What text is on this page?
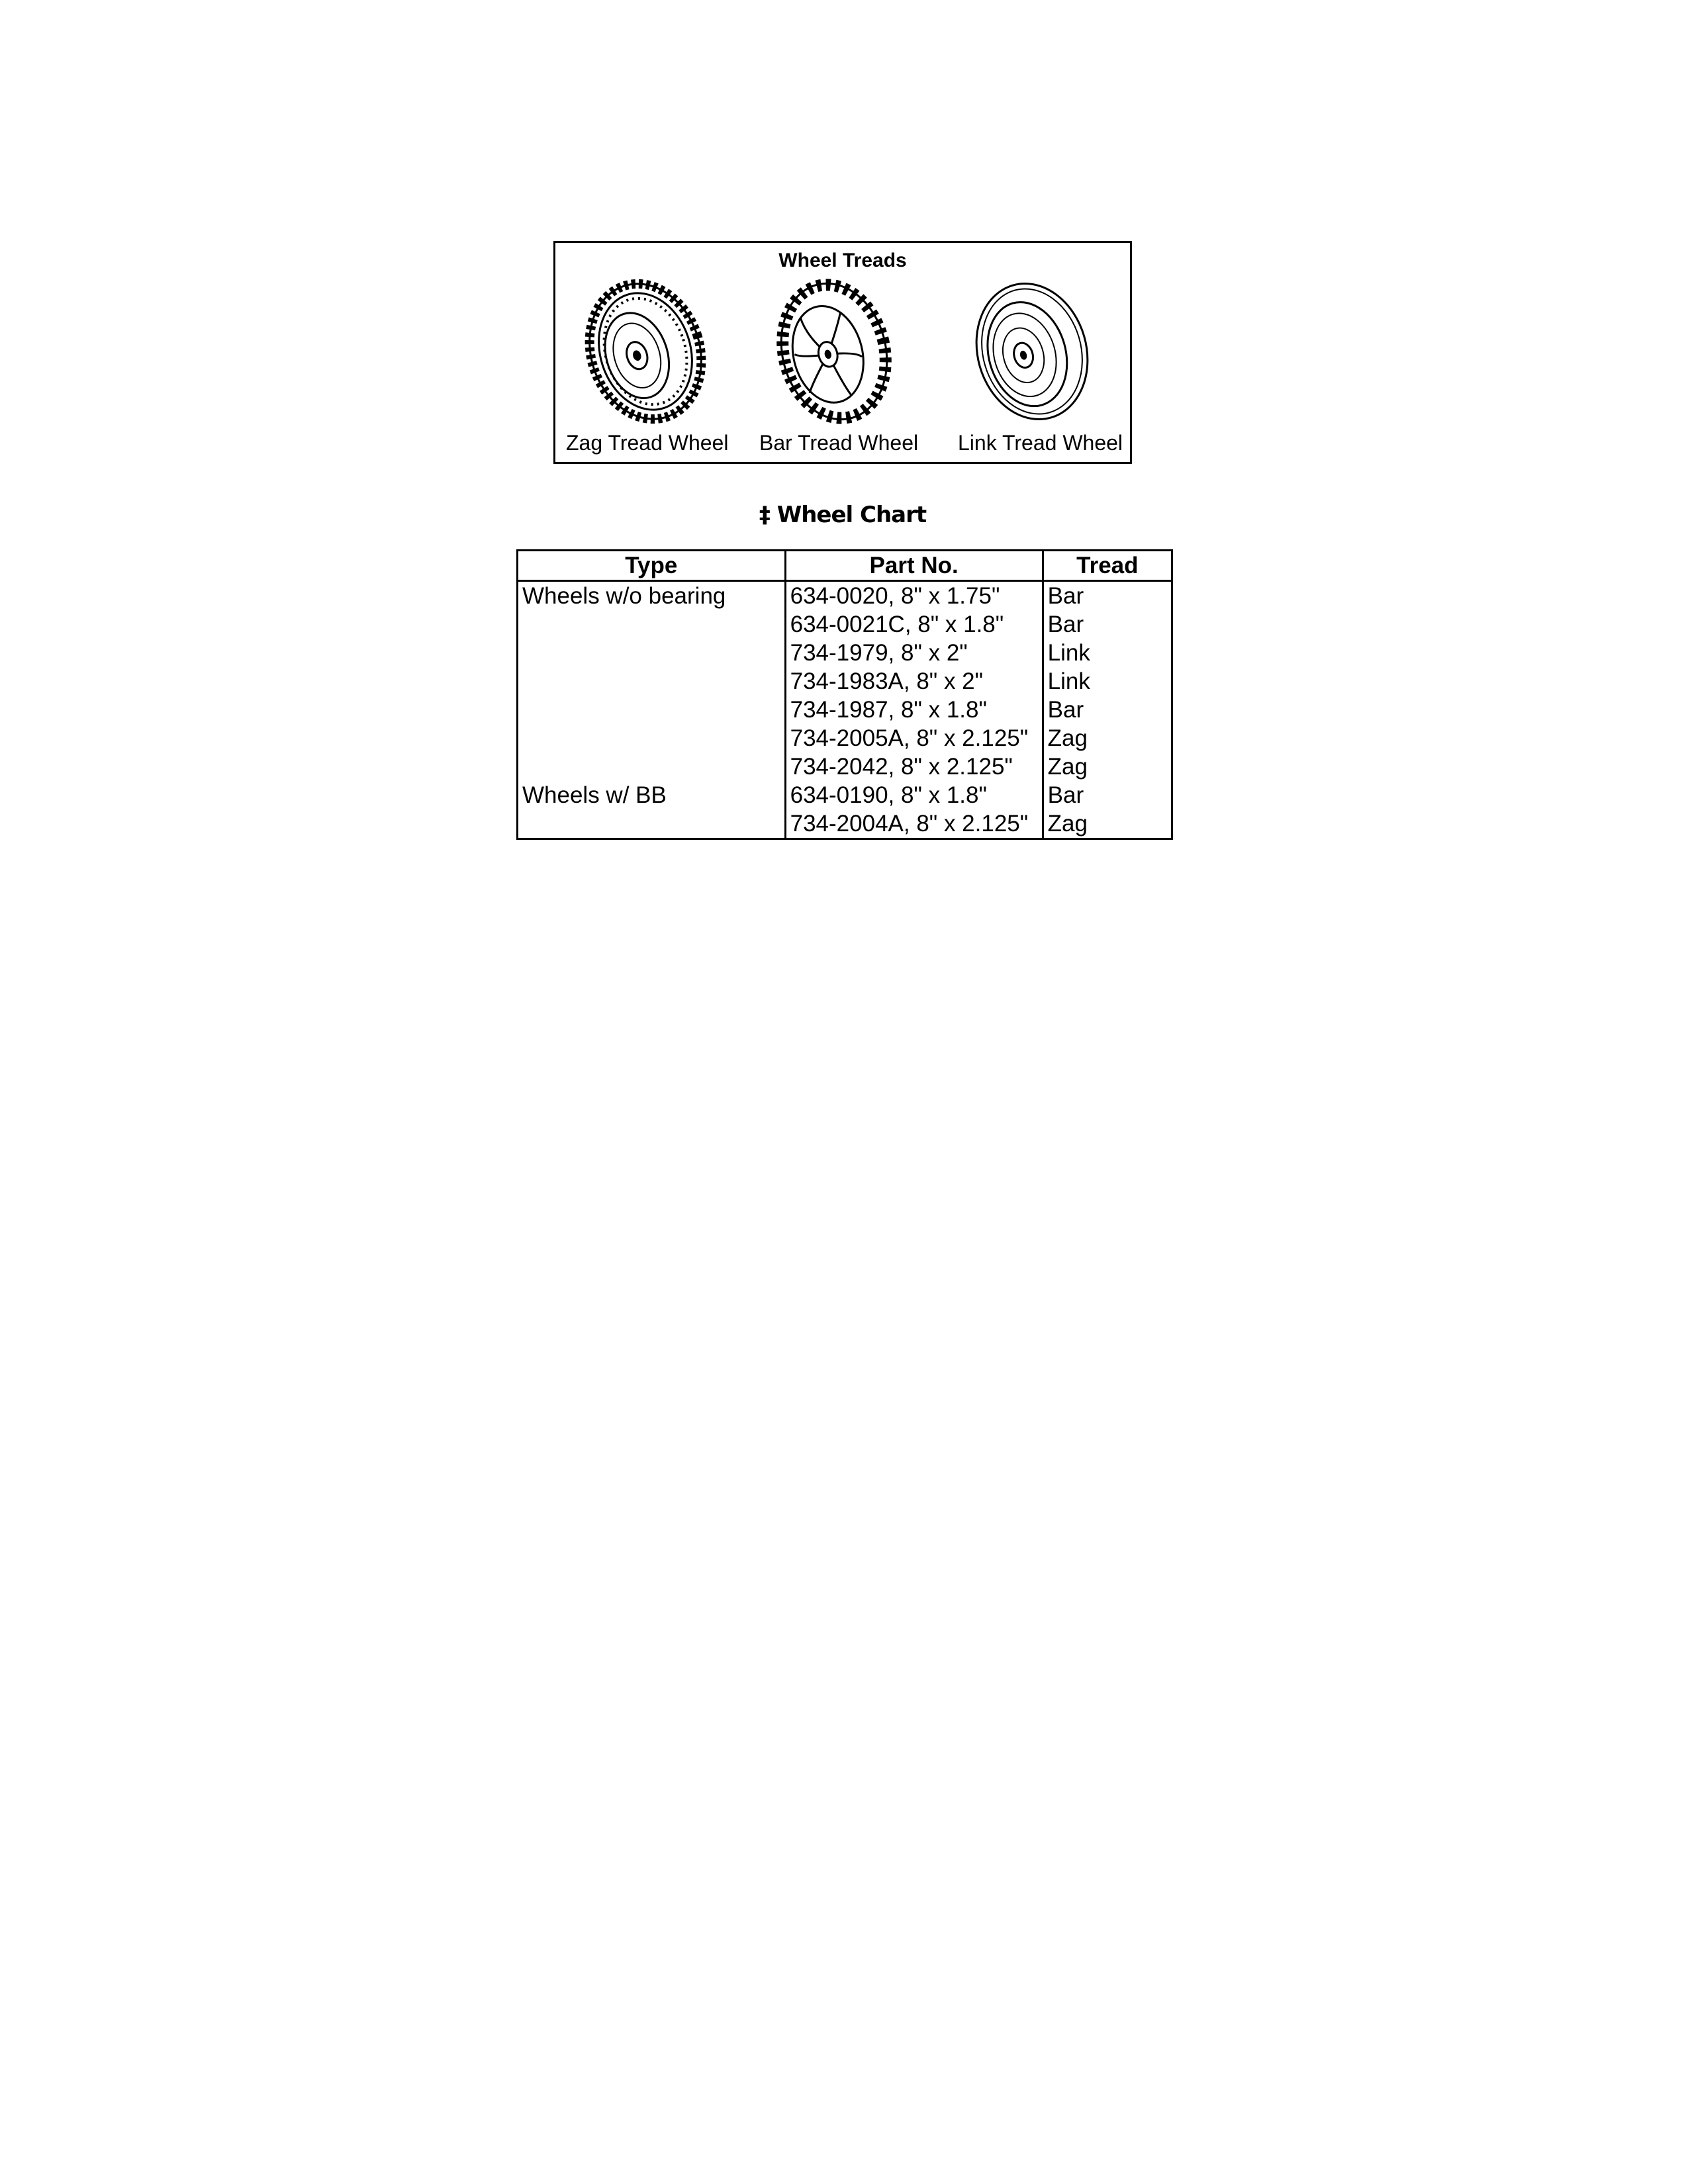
Wheel Treads
Zag Tread Wheel Bar Tread Wheel Link Tread Wheel
‡ Wheel Chart
Type	Part No.	Tread
Wheels w/o bearing	634-0020, 8" x 1.75"	Bar
	634-0021C, 8" x 1.8"	Bar
	734-1979, 8" x 2"	Link
	734-1983A, 8" x 2"	Link
	734-1987, 8" x 1.8"	Bar
	734-2005A, 8" x 2.125"	Zag
	734-2042, 8" x 2.125"	Zag
Wheels w/ BB	634-0190, 8" x 1.8"	Bar
	734-2004A, 8" x 2.125"	Zag
